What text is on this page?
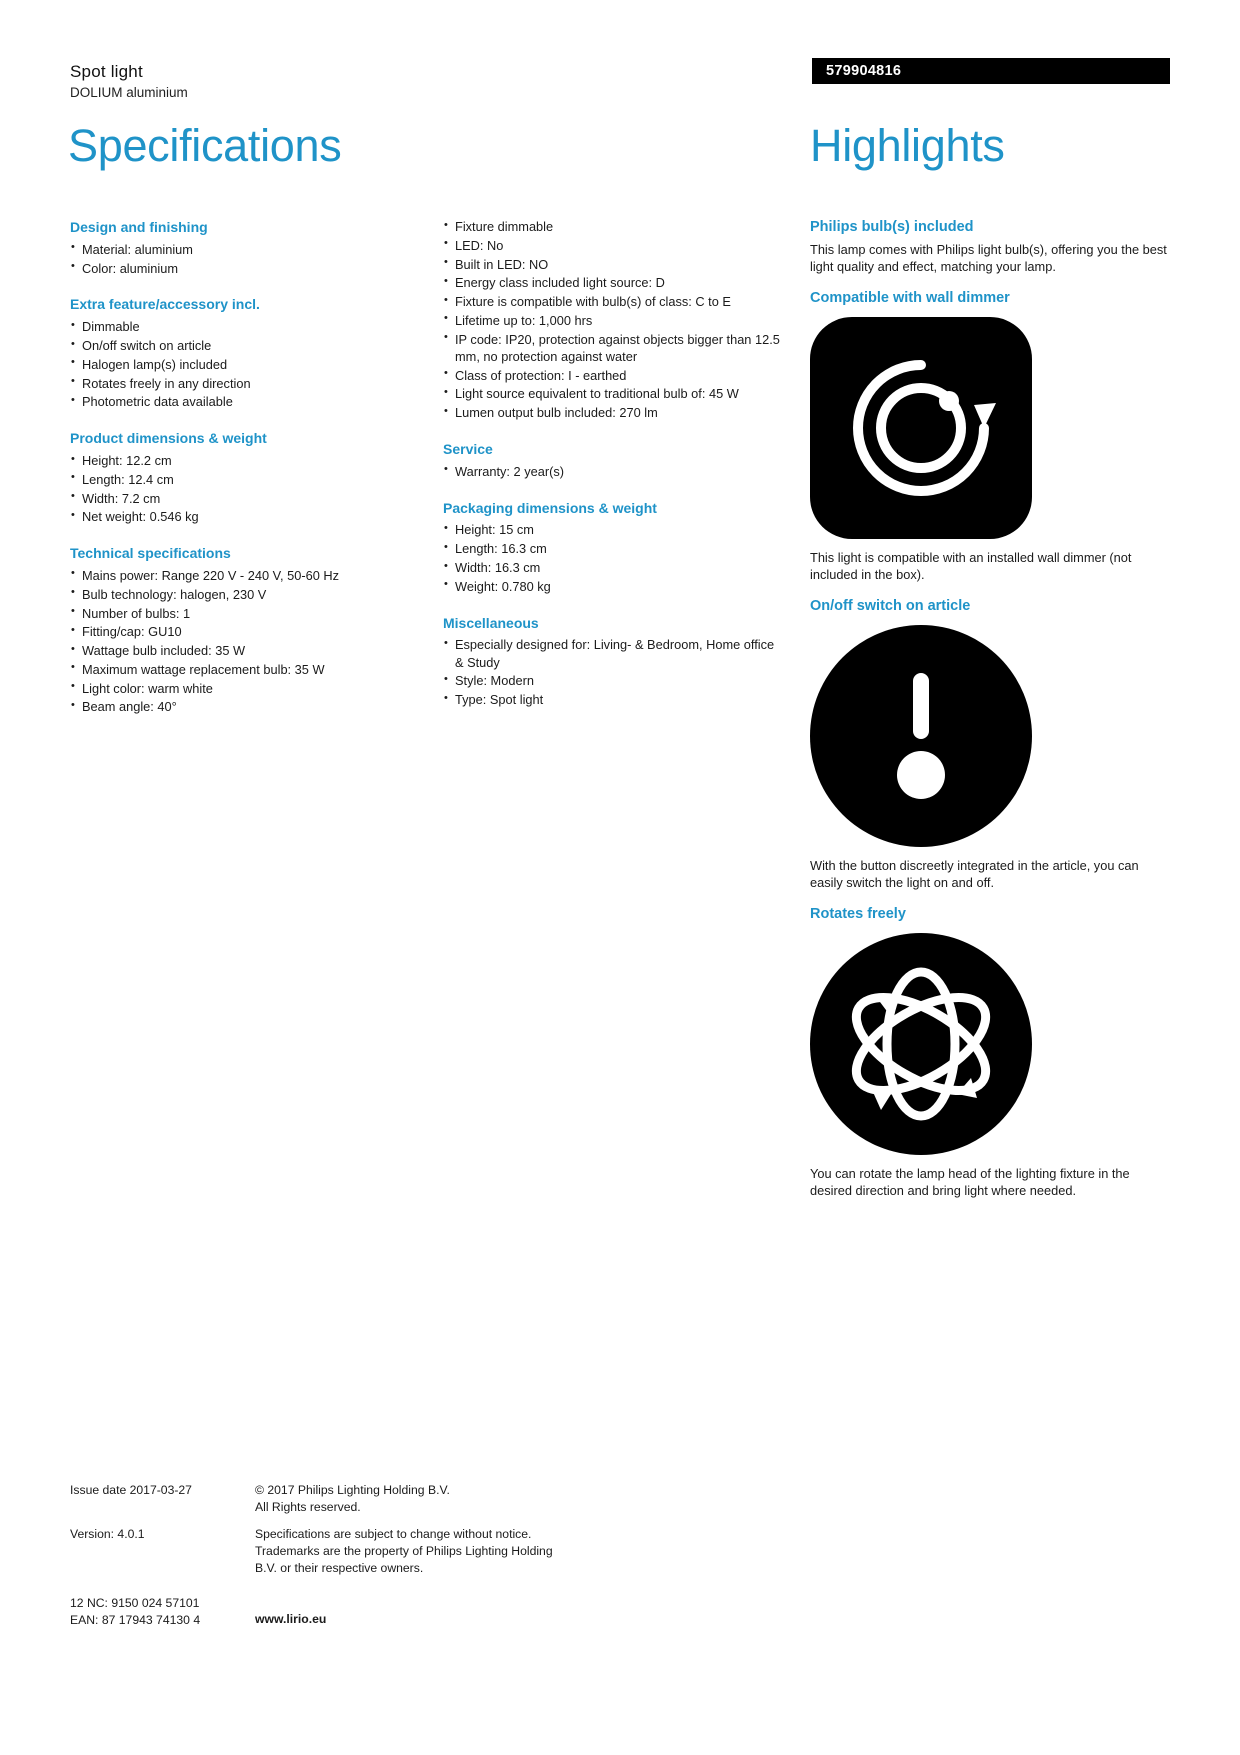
Spot light
DOLIUM aluminium
579904816
Specifications	Highlights
Design and finishing
• Material: aluminium
• Color: aluminium
Extra feature/accessory incl.
• Dimmable
• On/off switch on article
• Halogen lamp(s) included
• Rotates freely in any direction
• Photometric data available
Product dimensions & weight
• Height: 12.2 cm
• Length: 12.4 cm
• Width: 7.2 cm
• Net weight: 0.546 kg
Technical specifications
• Mains power: Range 220 V - 240 V, 50-60 Hz
• Bulb technology: halogen, 230 V
• Number of bulbs: 1
• Fitting/cap: GU10
• Wattage bulb included: 35 W
• Maximum wattage replacement bulb: 35 W
• Light color: warm white
• Beam angle: 40°
• Fixture dimmable
• LED: No
• Built in LED: NO
• Energy class included light source: D
• Fixture is compatible with bulb(s) of class: C to E
• Lifetime up to: 1,000 hrs
• IP code: IP20, protection against objects bigger than 12.5 mm, no protection against water
• Class of protection: I - earthed
• Light source equivalent to traditional bulb of: 45 W
• Lumen output bulb included: 270 lm
Service
• Warranty: 2 year(s)
Packaging dimensions & weight
• Height: 15 cm
• Length: 16.3 cm
• Width: 16.3 cm
• Weight: 0.780 kg
Miscellaneous
• Especially designed for: Living- & Bedroom, Home office & Study
• Style: Modern
• Type: Spot light
Philips bulb(s) included
This lamp comes with Philips light bulb(s), offering you the best light quality and effect, matching your lamp.
Compatible with wall dimmer
This light is compatible with an installed wall dimmer (not included in the box).
On/off switch on article
With the button discreetly integrated in the article, you can easily switch the light on and off.
Rotates freely
You can rotate the lamp head of the lighting fixture in the desired direction and bring light where needed.
Issue date 2017-03-27	© 2017 Philips Lighting Holding B.V.
All Rights reserved.
Version: 4.0.1	Specifications are subject to change without notice.
Trademarks are the property of Philips Lighting Holding
B.V. or their respective owners.
12 NC: 9150 024 57101
EAN: 87 17943 74130 4	www.lirio.eu
